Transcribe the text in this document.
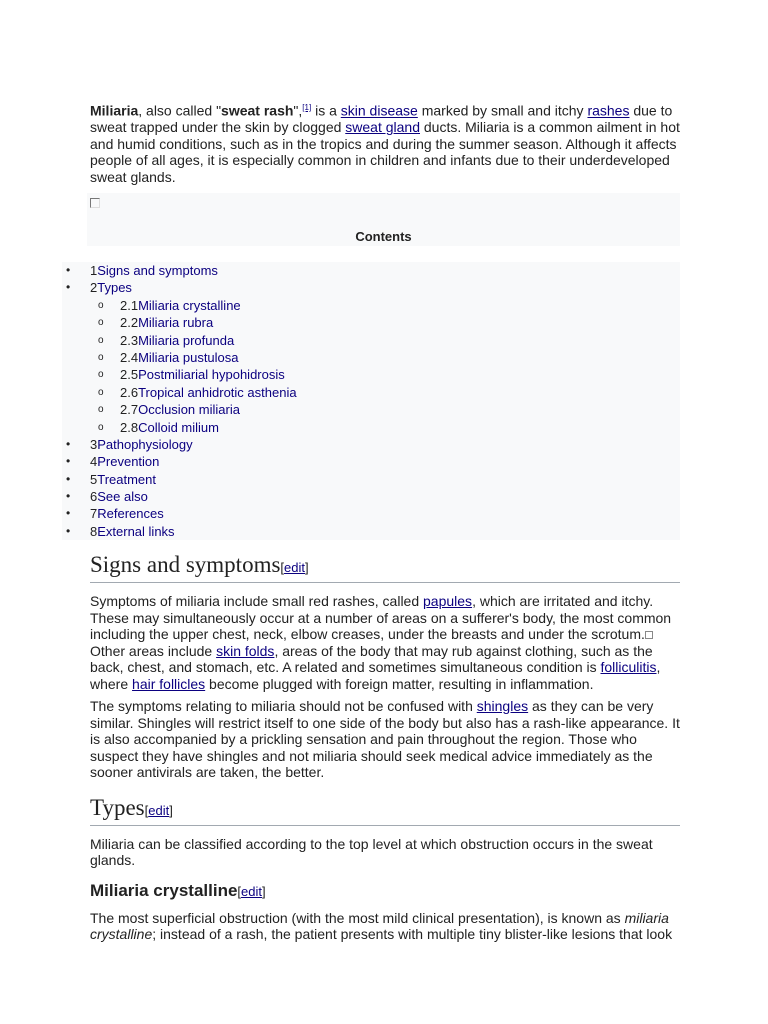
Miliaria, also called "sweat rash",[1] is a skin disease marked by small and itchy rashes due to sweat trapped under the skin by clogged sweat gland ducts. Miliaria is a common ailment in hot and humid conditions, such as in the tropics and during the summer season. Although it affects people of all ages, it is especially common in children and infants due to their underdeveloped sweat glands.

Contents
• 1Signs and symptoms
• 2Types
o 2.1Miliaria crystalline
o 2.2Miliaria rubra
o 2.3Miliaria profunda
o 2.4Miliaria pustulosa
o 2.5Postmiliarial hypohidrosis
o 2.6Tropical anhidrotic asthenia
o 2.7Occlusion miliaria
o 2.8Colloid milium
• 3Pathophysiology
• 4Prevention
• 5Treatment
• 6See also
• 7References
• 8External links
Signs and symptoms[edit]

Symptoms of miliaria include small red rashes, called papules, which are irritated and itchy. These may simultaneously occur at a number of areas on a sufferer's body, the most common including the upper chest, neck, elbow creases, under the breasts and under the scrotum. Other areas include skin folds, areas of the body that may rub against clothing, such as the back, chest, and stomach, etc. A related and sometimes simultaneous condition is folliculitis, where hair follicles become plugged with foreign matter, resulting in inflammation.

The symptoms relating to miliaria should not be confused with shingles as they can be very similar. Shingles will restrict itself to one side of the body but also has a rash-like appearance. It is also accompanied by a prickling sensation and pain throughout the region. Those who suspect they have shingles and not miliaria should seek medical advice immediately as the sooner antivirals are taken, the better.

Types[edit]

Miliaria can be classified according to the top level at which obstruction occurs in the sweat glands.

Miliaria crystalline[edit]

The most superficial obstruction (with the most mild clinical presentation), is known as miliaria crystalline; instead of a rash, the patient presents with multiple tiny blister-like lesions that look
